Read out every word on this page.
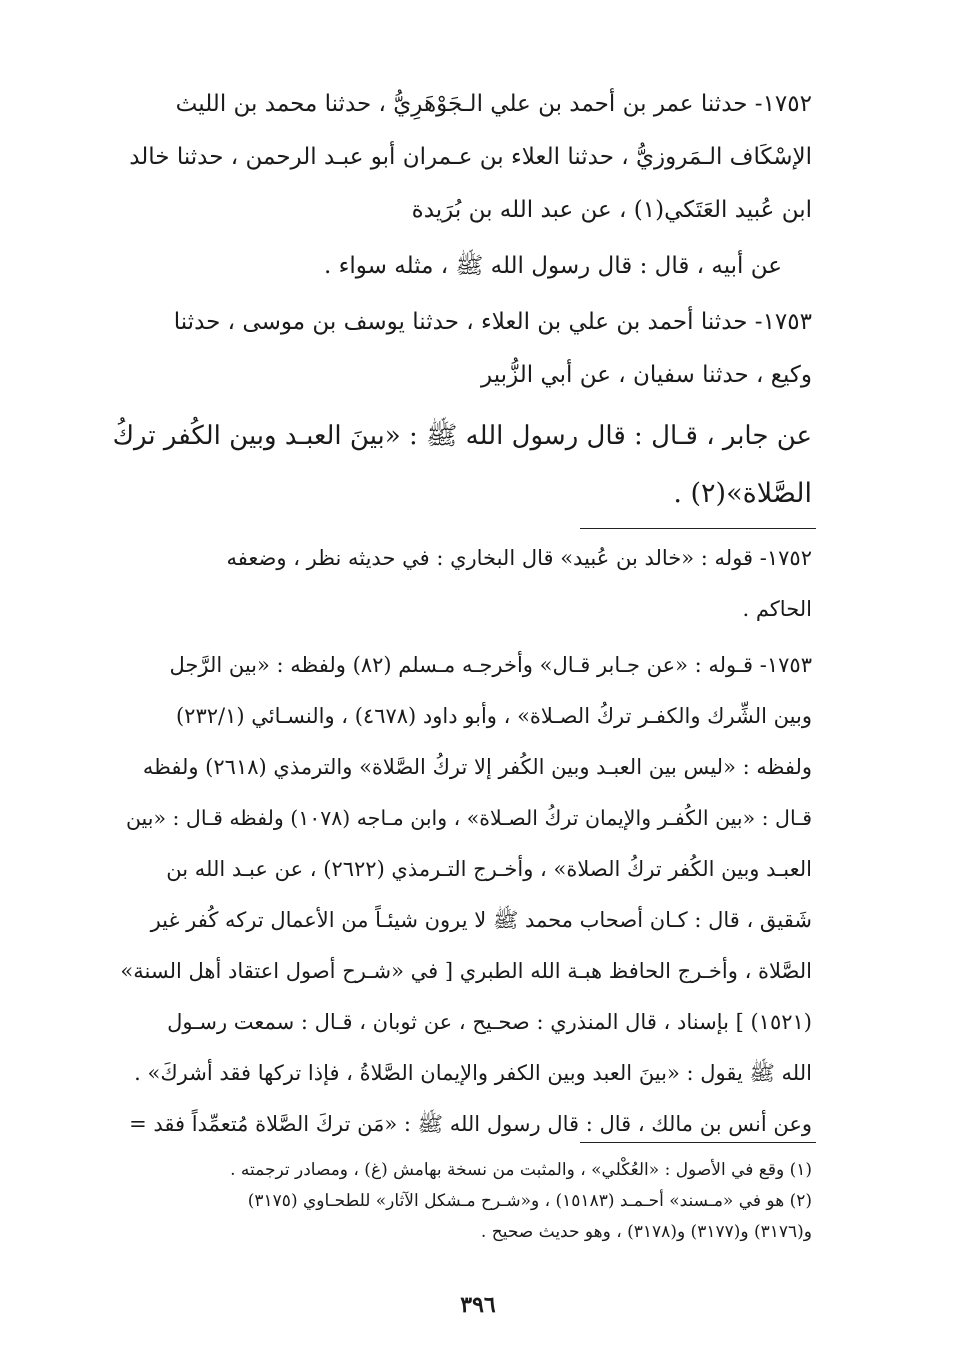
١٧٥٢- حدثنا عمر بن أحمد بن علي الـجَوْهَرِيُّ ، حدثنا محمد بن الليث
الإسْكَاف الـمَروزيُّ ، حدثنا العلاء بن عـمران أبو عبـد الرحمن ، حدثنا خالد
ابن عُبيد العَتَكي(١) ، عن عبد الله بن بُرَيدة
عن أبيه ، قال : قال رسول الله ﷺ ، مثله سواء .
١٧٥٣- حدثنا أحمد بن علي بن العلاء ، حدثنا يوسف بن موسى ، حدثنا
وكيع ، حدثنا سفيان ، عن أبي الزُّبير
عن جابر ، قـال : قال رسول الله ﷺ : «بينَ العبـد وبين الكُفر تركُ
الصَّلاة»(٢) .
١٧٥٢- قوله : «خالد بن عُبيد» قال البخاري : في حديثه نظر ، وضعفه
الحاكم .
١٧٥٣- قـوله : «عن جـابر قـال» وأخرجـه مـسلم (٨٢) ولفظه : «بين الرَّجل
وبين الشِّرك والكفـر تركُ الصـلاة» ، وأبو داود (٤٦٧٨) ، والنسـائي (٢٣٢/١)
ولفظه : «ليس بين العبـد وبين الكُفر إلا تركُ الصَّلاة» والترمذي (٢٦١٨) ولفظه
قـال : «بين الكُفـر والإيمان تركُ الصـلاة» ، وابن مـاجه (١٠٧٨) ولفظه قـال : «بين
العبـد وبين الكُفر تركُ الصلاة» ، وأخـرج التـرمذي (٢٦٢٢) ، عن عبـد الله بن
شَقيق ، قال : كـان أصحاب محمد ﷺ لا يرون شيئـاً من الأعمال تركه كُفر غير
الصَّلاة ، وأخـرج الحافظ هبـة الله الطبري [ في «شـرح أصول اعتقاد أهل السنة»
(١٥٢١) ] بإسناد ، قال المنذري : صحـيح ، عن ثوبان ، قـال : سمعت رسـول
الله ﷺ يقول : «بينَ العبد وبين الكفر والإيمان الصَّلاةُ ، فإذا تركها فقد أشركَ» .
وعن أنس بن مالك ، قال : قال رسول الله ﷺ : «مَن تركَ الصَّلاة مُتعمِّداً فقد =
(١) وقع في الأصول : «العُكْلي» ، والمثبت من نسخة بهامش (غ) ، ومصادر ترجمته .
(٢) هو في «مـسند» أحـمـد (١٥١٨٣) ، و«شـرح مـشكل الآثار» للطحـاوي (٣١٧٥)
و(٣١٧٦) و(٣١٧٧) و(٣١٧٨) ، وهو حديث صحيح .
٣٩٦
